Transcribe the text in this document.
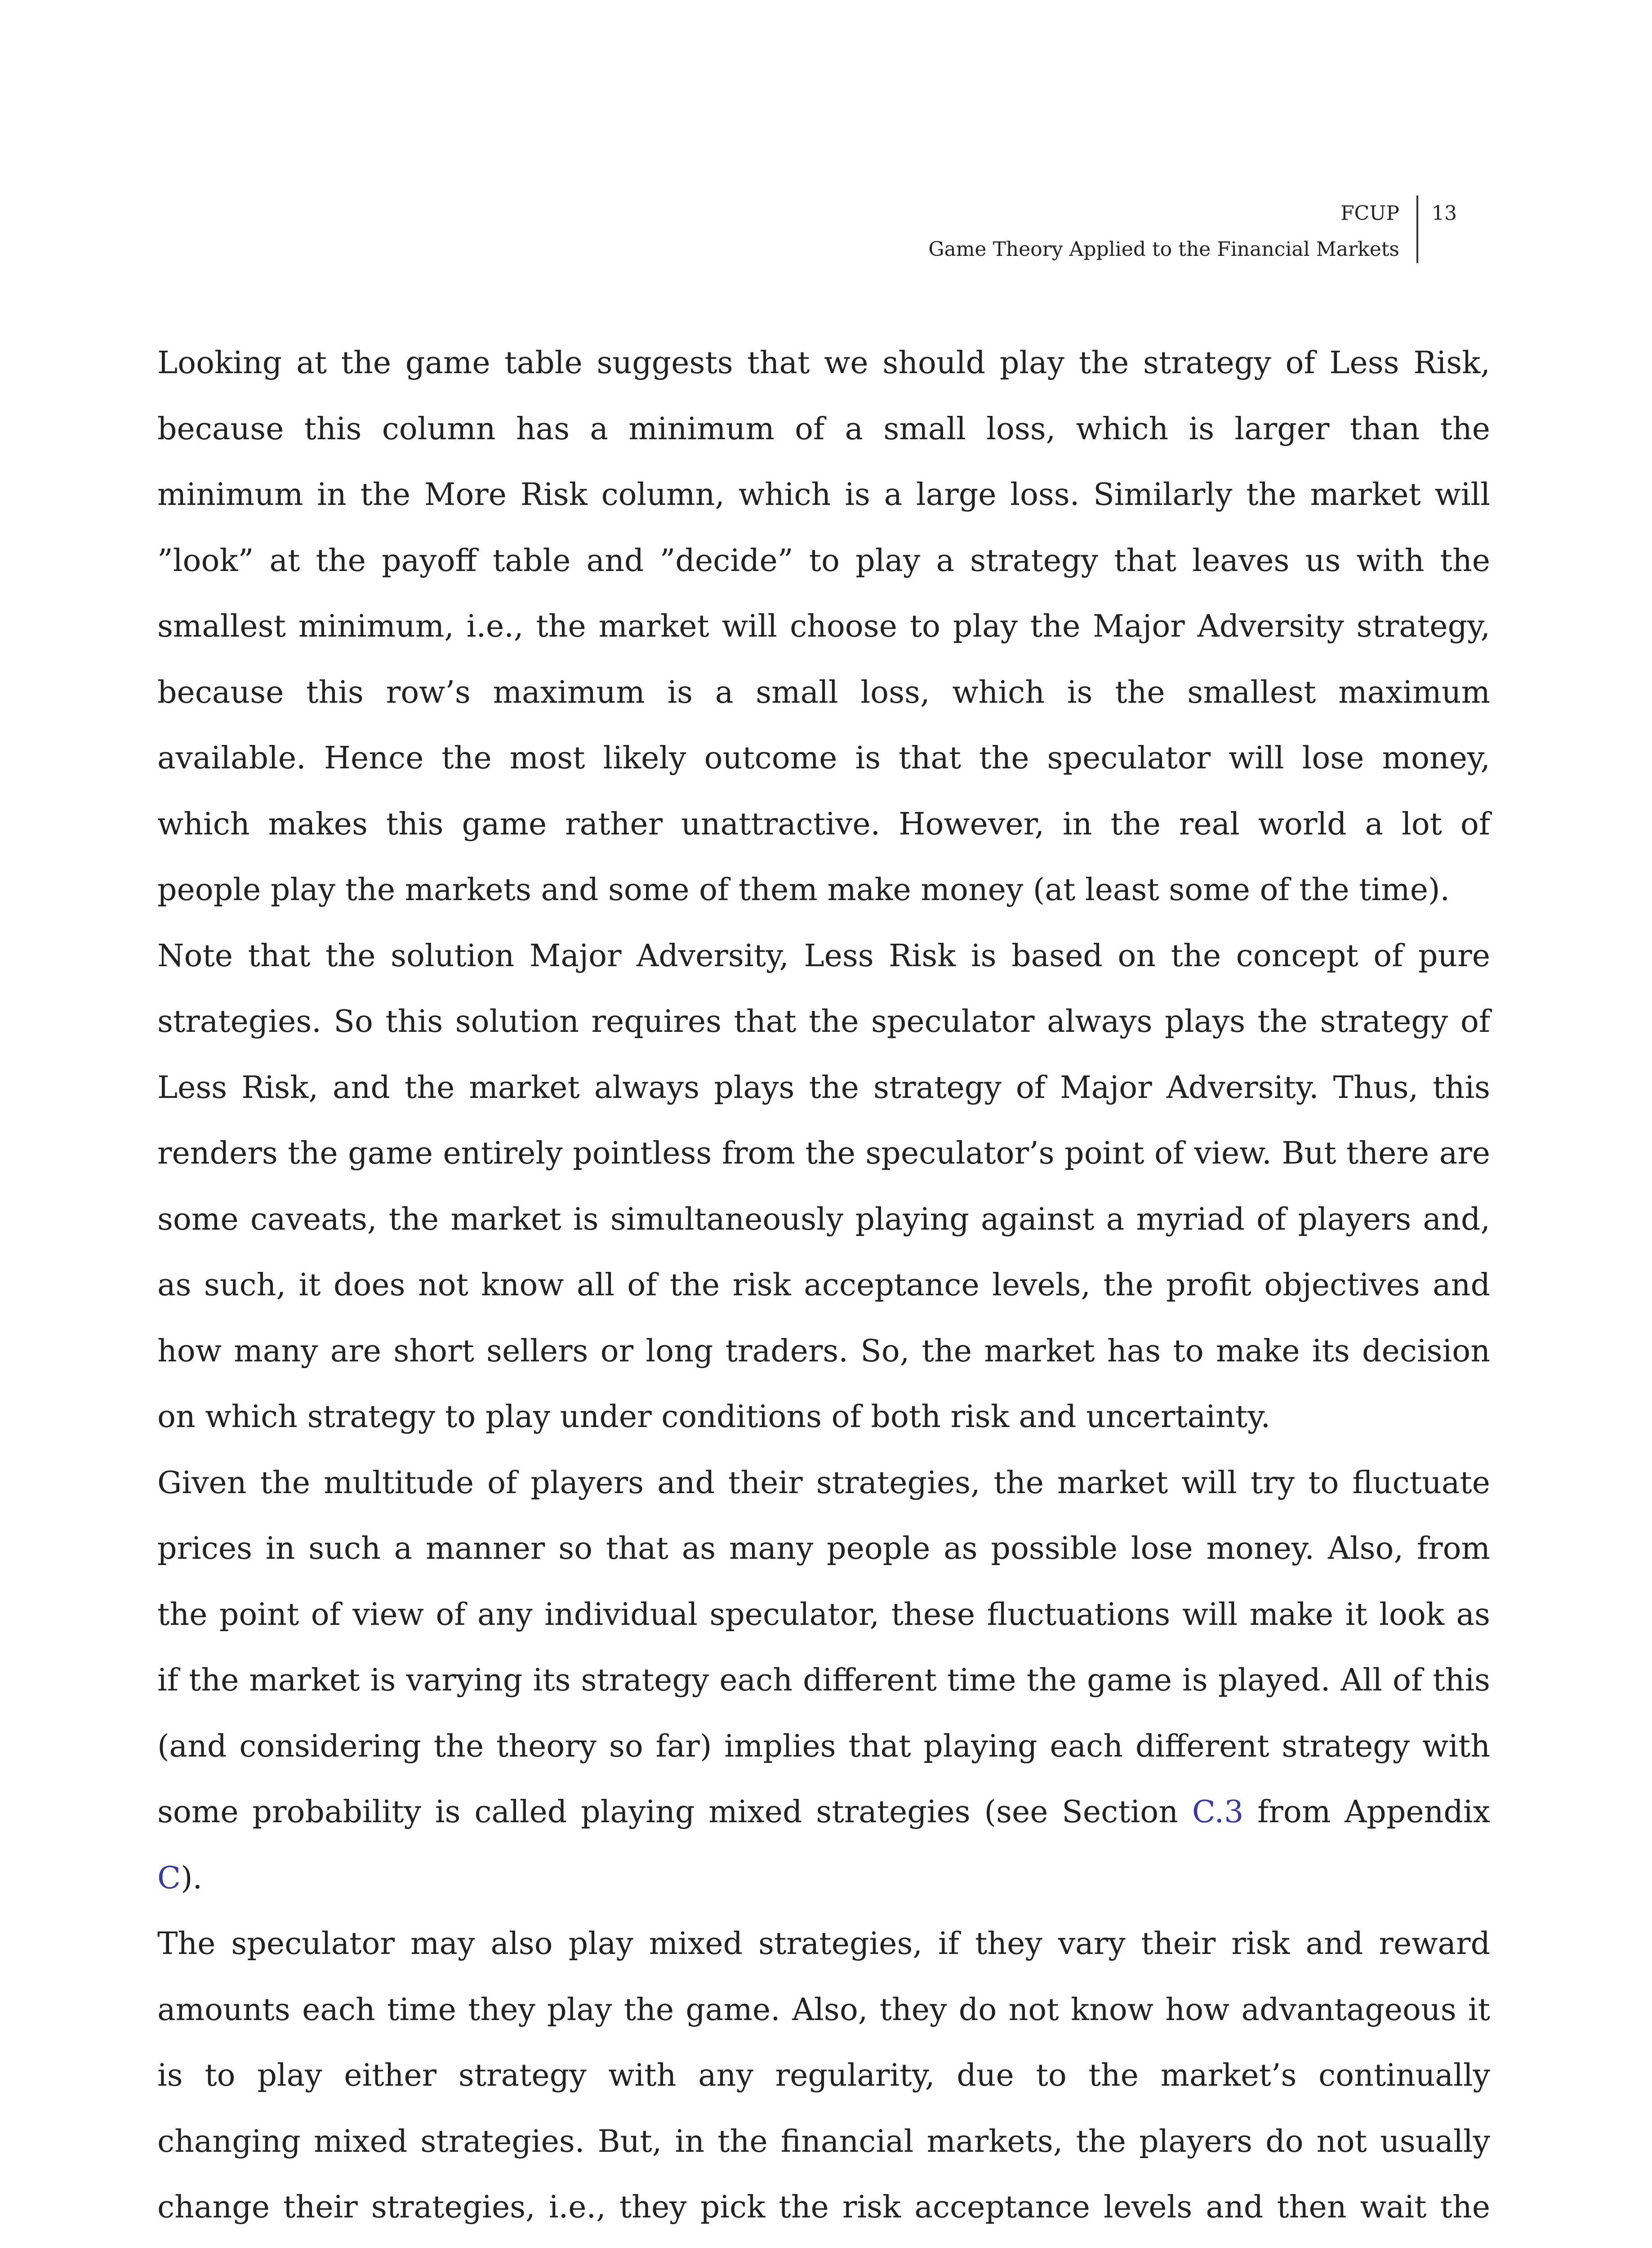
FCUP
Game Theory Applied to the Financial Markets
13

Looking at the game table suggests that we should play the strategy of Less Risk, because this column has a minimum of a small loss, which is larger than the minimum in the More Risk column, which is a large loss. Similarly the market will ”look” at the payoff table and ”decide” to play a strategy that leaves us with the smallest minimum, i.e., the market will choose to play the Major Adversity strategy, because this row’s maximum is a small loss, which is the smallest maximum available. Hence the most likely outcome is that the speculator will lose money, which makes this game rather unattractive. However, in the real world a lot of people play the markets and some of them make money (at least some of the time).

Note that the solution Major Adversity, Less Risk is based on the concept of pure strategies. So this solution requires that the speculator always plays the strategy of Less Risk, and the market always plays the strategy of Major Adversity. Thus, this renders the game entirely pointless from the speculator’s point of view. But there are some caveats, the market is simultaneously playing against a myriad of players and, as such, it does not know all of the risk acceptance levels, the profit objectives and how many are short sellers or long traders. So, the market has to make its decision on which strategy to play under conditions of both risk and uncertainty.

Given the multitude of players and their strategies, the market will try to fluctuate prices in such a manner so that as many people as possible lose money. Also, from the point of view of any individual speculator, these fluctuations will make it look as if the market is varying its strategy each different time the game is played. All of this (and considering the theory so far) implies that playing each different strategy with some probability is called playing mixed strategies (see Section C.3 from Appendix C).

The speculator may also play mixed strategies, if they vary their risk and reward amounts each time they play the game. Also, they do not know how advantageous it is to play either strategy with any regularity, due to the market’s continually changing mixed strategies. But, in the financial markets, the players do not usually change their strategies, i.e., they pick the risk acceptance levels and then wait the
